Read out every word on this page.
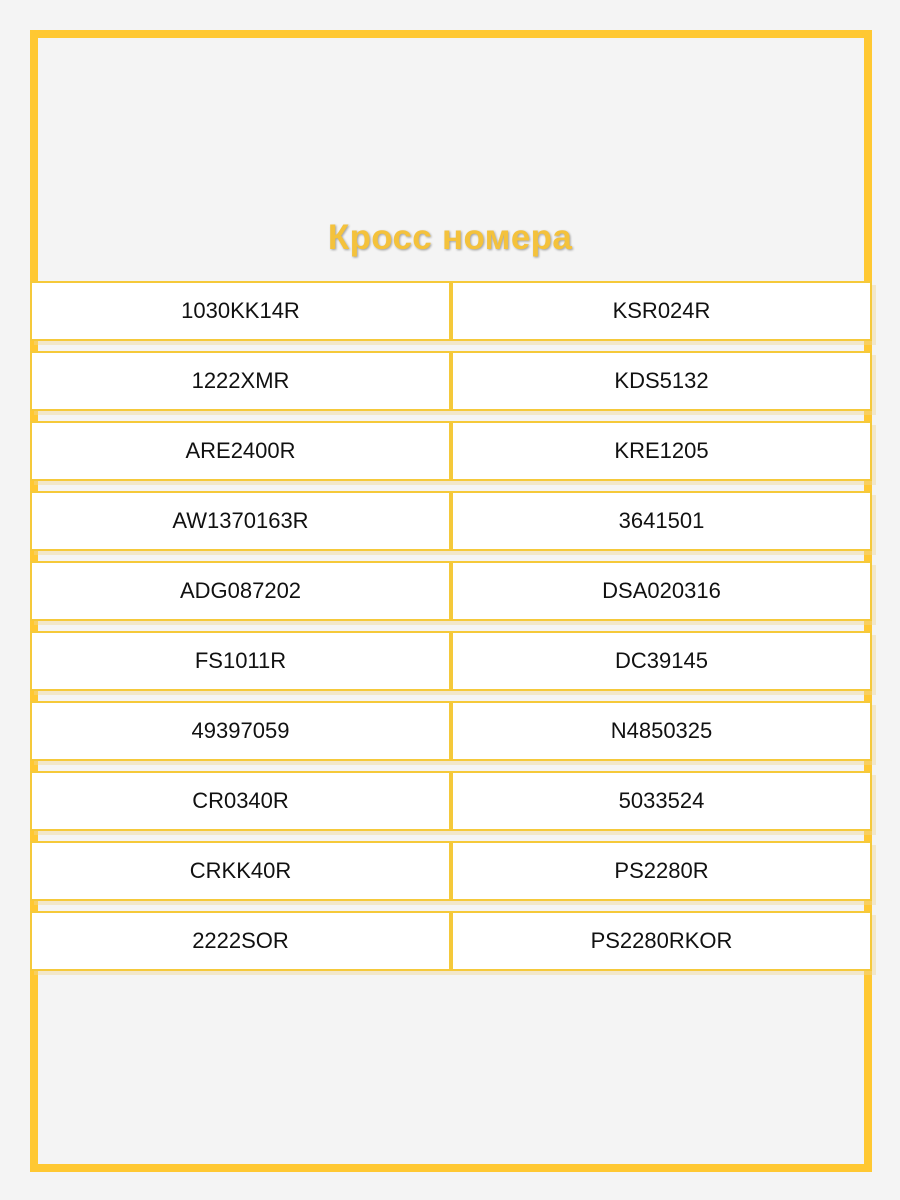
Кросс номера
1030KK14R	KSR024R
1222XMR	KDS5132
ARE2400R	KRE1205
AW1370163R	3641501
ADG087202	DSA020316
FS1011R	DC39145
49397059	N4850325
CR0340R	5033524
CRKK40R	PS2280R
2222SOR	PS2280RKOR
